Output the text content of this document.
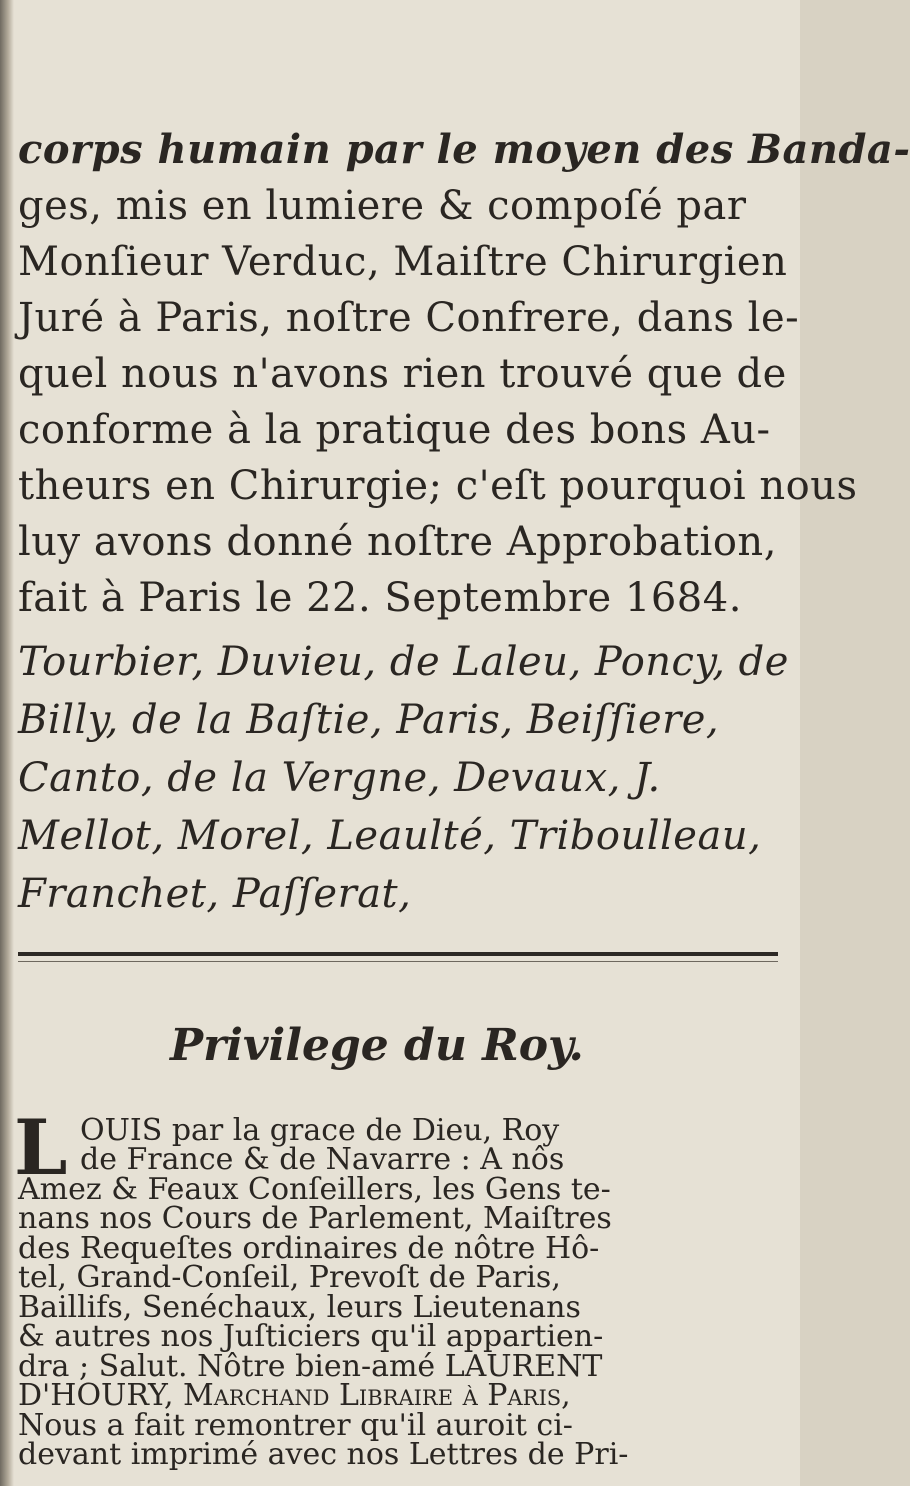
corps humain par le moyen des Banda-
ges, mis en lumiere & compoſé par
Monſieur Verduc, Maiſtre Chirurgien
Juré à Paris, noſtre Confrere, dans le-
quel nous n'avons rien trouvé que de
conforme à la pratique des bons Au-
theurs en Chirurgie; c'eſt pourquoi nous
luy avons donné noſtre Approbation,
fait à Paris le 22. Septembre 1684.
Tourbier, Duvieu, de Laleu, Poncy, de
Billy, de la Baſtie, Paris, Beiſſiere,
Canto, de la Vergne, Devaux, J.
Mellot, Morel, Leaulté, Triboulleau,
Franchet, Paſſerat,
Privilege du Roy.
L OUIS par la grace de Dieu, Roy
de France & de Navarre : A nôs
Amez & Feaux Conſeillers, les Gens te-
nans nos Cours de Parlement, Maiſtres
des Requeſtes ordinaires de nôtre Hô-
tel, Grand-Conſeil, Prevoſt de Paris,
Baillifs, Senéchaux, leurs Lieutenans
& autres nos Juſticiers qu'il appartien-
dra ; Salut. Nôtre bien-amé LAURENT
D'HOURY, Marchand Libraire à Paris,
Nous a fait remontrer qu'il auroit ci-
devant imprimé avec nos Lettres de Pri-
